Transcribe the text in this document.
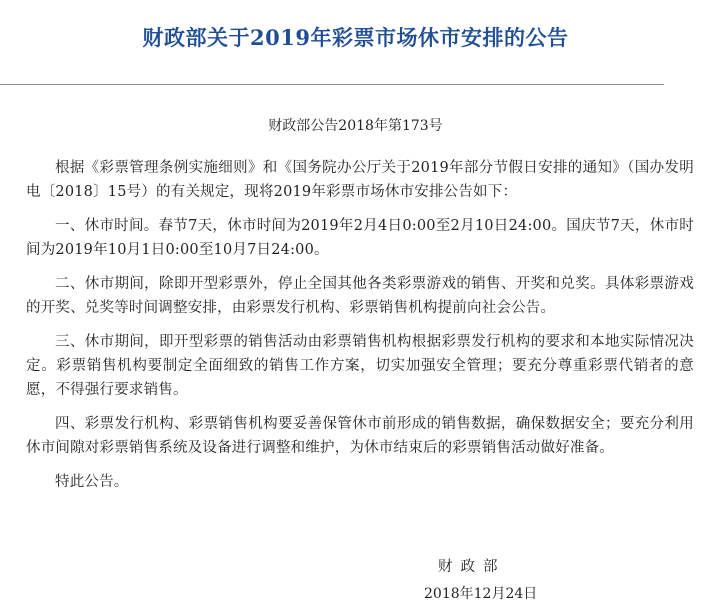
财政部关于2019年彩票市场休市安排的公告
财政部公告2018年第173号

根据《彩票管理条例实施细则》和《国务院办公厅关于2019年部分节假日安排的通知》（国办发明电〔2018〕15号）的有关规定，现将2019年彩票市场休市安排公告如下：

一、休市时间。春节7天，休市时间为2019年2月4日0:00至2月10日24:00。国庆节7天，休市时间为2019年10月1日0:00至10月7日24:00。

二、休市期间，除即开型彩票外，停止全国其他各类彩票游戏的销售、开奖和兑奖。具体彩票游戏的开奖、兑奖等时间调整安排，由彩票发行机构、彩票销售机构提前向社会公告。

三、休市期间，即开型彩票的销售活动由彩票销售机构根据彩票发行机构的要求和本地实际情况决定。彩票销售机构要制定全面细致的销售工作方案，切实加强安全管理；要充分尊重彩票代销者的意愿，不得强行要求销售。

四、彩票发行机构、彩票销售机构要妥善保管休市前形成的销售数据，确保数据安全；要充分利用休市间隙对彩票销售系统及设备进行调整和维护，为休市结束后的彩票销售活动做好准备。

特此公告。

财政部
2018年12月24日
